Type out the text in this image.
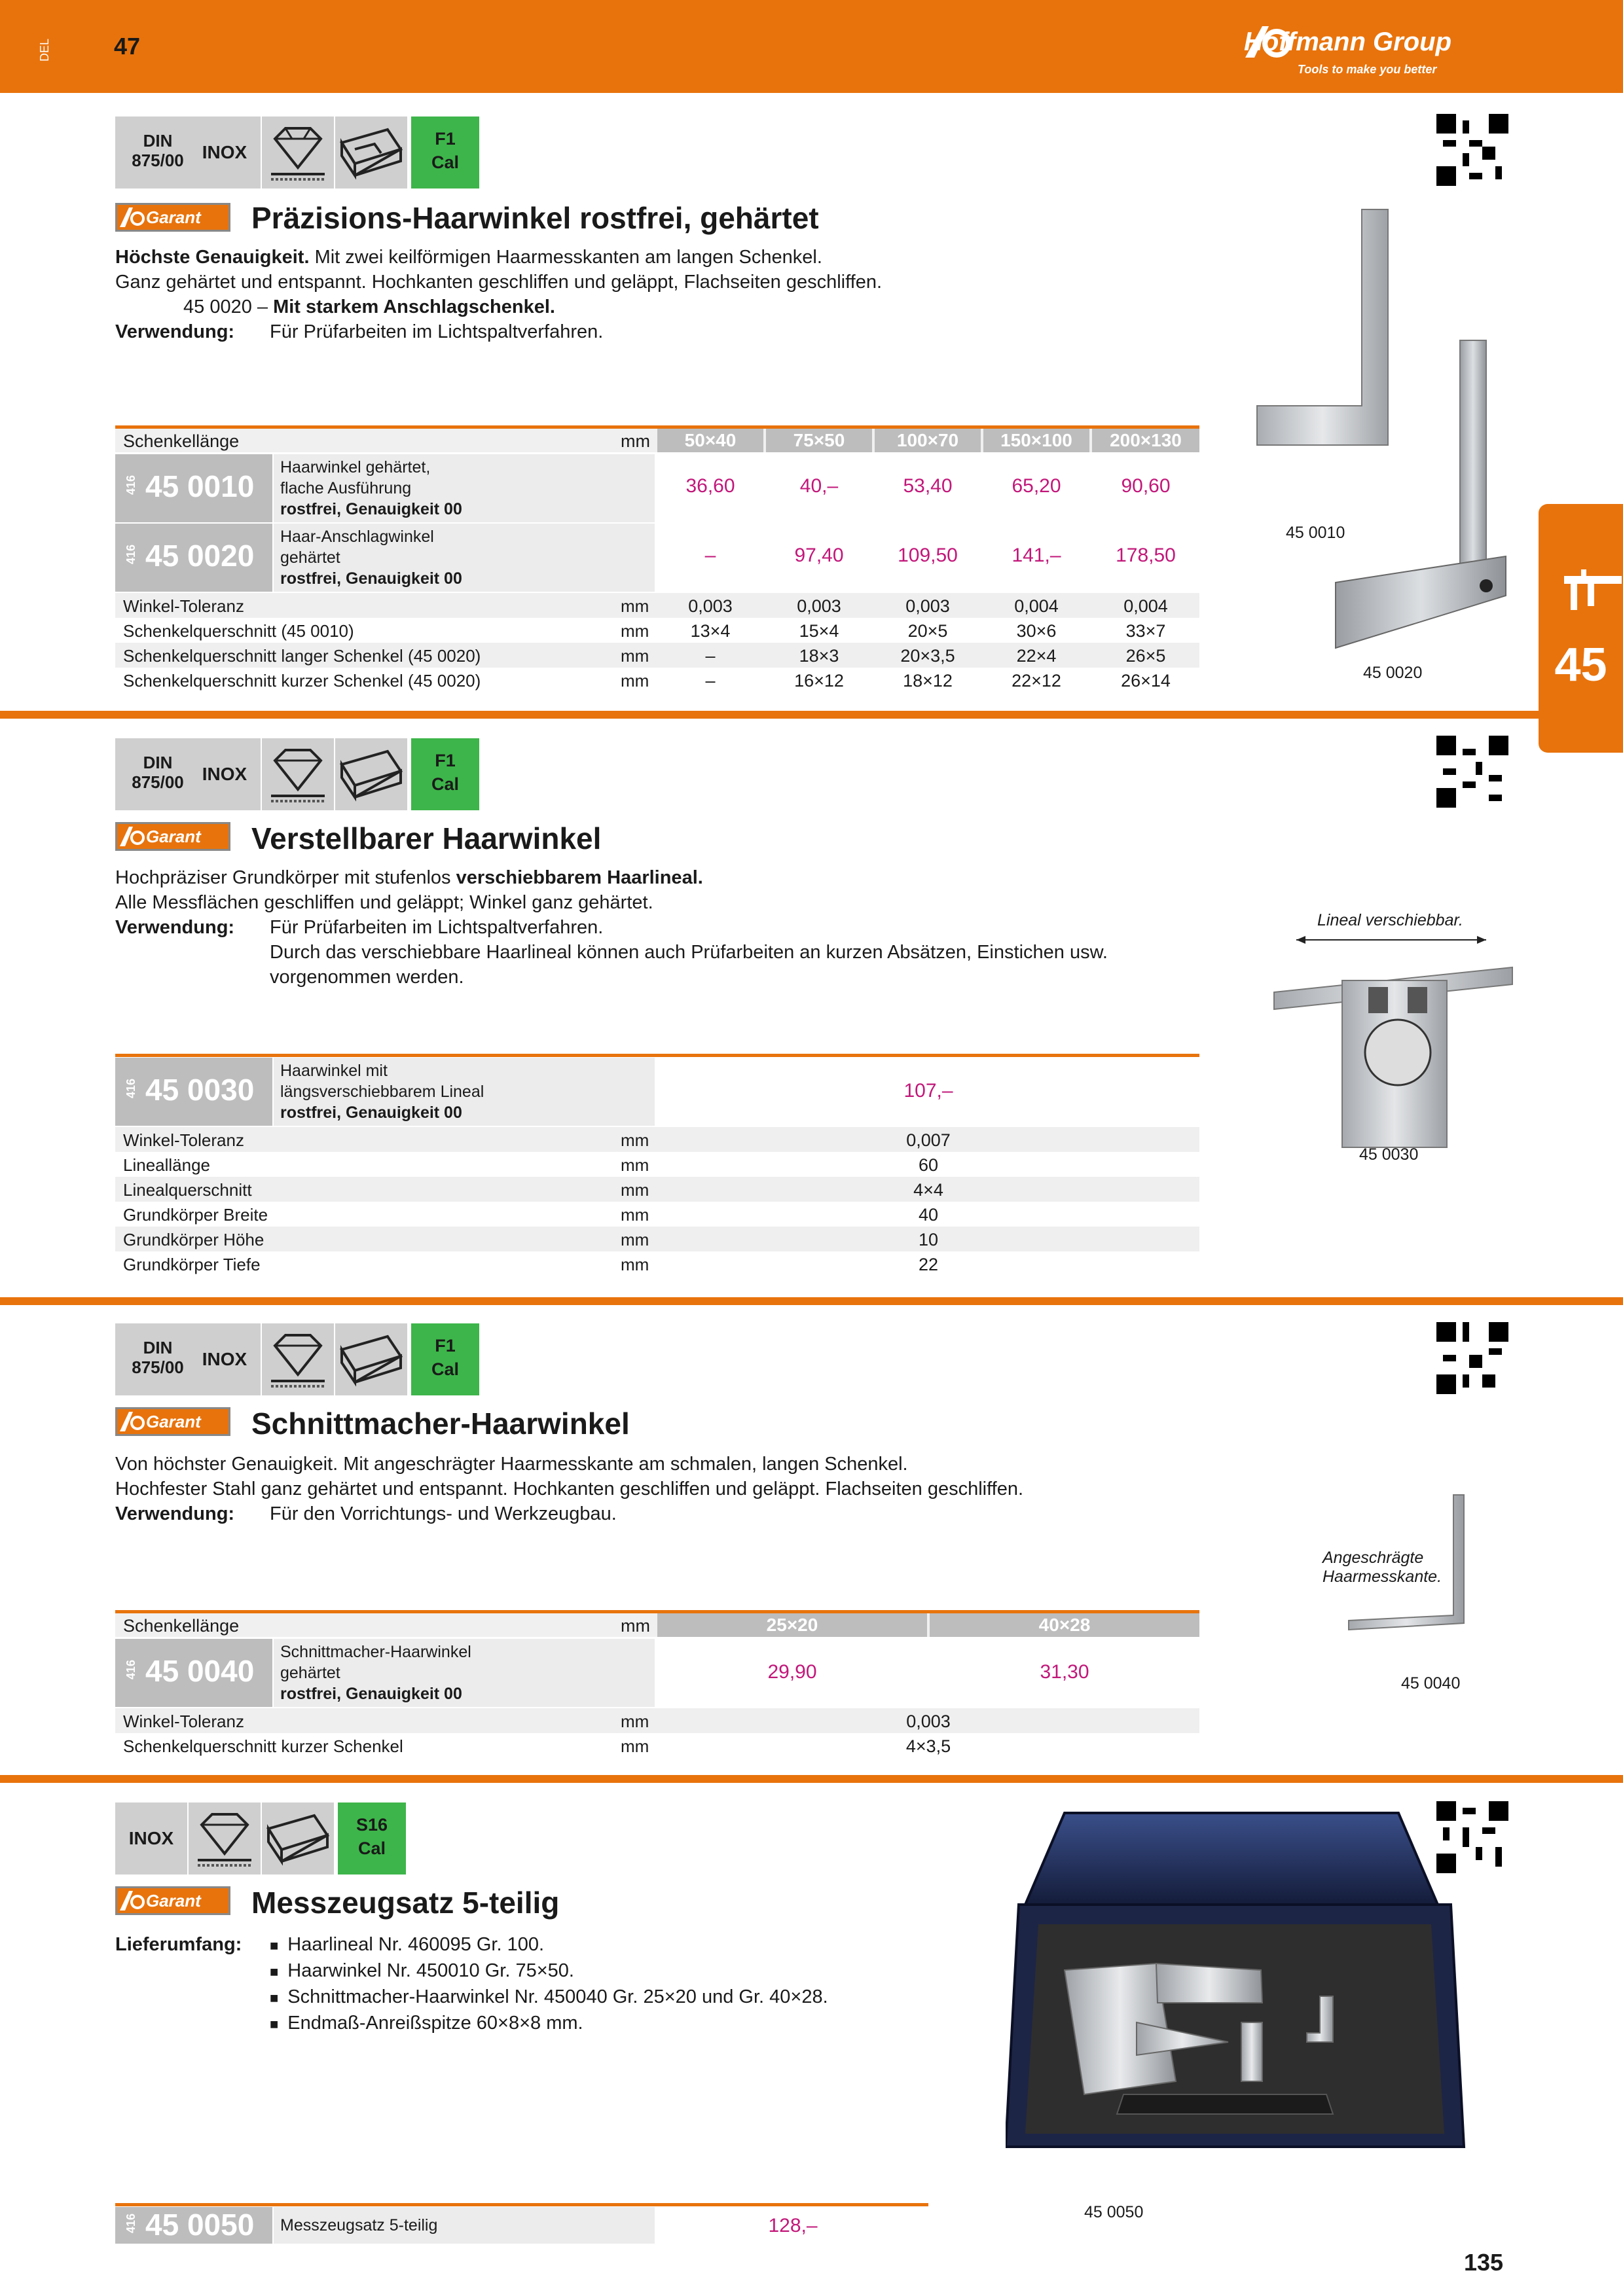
DEL	47	Hoffmann Group
Tools to make you better
45
DIN 875/00	INOX
F1
Cal
Garant Präzisions-Haarwinkel rostfrei, gehärtet
Höchste Genauigkeit. Mit zwei keilförmigen Haarmesskanten am langen Schenkel.
Ganz gehärtet und entspannt. Hochkanten geschliffen und geläppt, Flachseiten geschliffen.
45 0020 – Mit starkem Anschlagschenkel.
Verwendung: Für Prüfarbeiten im Lichtspaltverfahren.
Schenkellänge	mm	50×40	75×50	100×70	150×100	200×130
416 45 0010
Haarwinkel gehärtet,
flache Ausführung
rostfrei, Genauigkeit 00
36,60	40,–	53,40	65,20	90,60
416 45 0020
Haar-Anschlagwinkel
gehärtet
rostfrei, Genauigkeit 00
–	97,40	109,50	141,–	178,50
Winkel-Toleranz	mm	0,003	0,003	0,003	0,004	0,004
Schenkelquerschnitt (45 0010)	mm	13×4	15×4	20×5	30×6	33×7
Schenkelquerschnitt langer Schenkel (45 0020)	mm	–	18×3	20×3,5	22×4	26×5
Schenkelquerschnitt kurzer Schenkel (45 0020)	mm	–	16×12	18×12	22×12	26×14
45 0010
45 0020
DIN 875/00	INOX
F1
Cal
Garant Verstellbarer Haarwinkel
Hochpräziser Grundkörper mit stufenlos verschiebbarem Haarlineal.
Alle Messflächen geschliffen und geläppt; Winkel ganz gehärtet.
Verwendung: Für Prüfarbeiten im Lichtspaltverfahren.
Durch das verschiebbare Haarlineal können auch Prüfarbeiten an kurzen Absätzen, Einstichen usw.
vorgenommen werden.
Lineal verschiebbar.
416 45 0030
Haarwinkel mit
längsverschiebbarem Lineal
rostfrei, Genauigkeit 00
107,–
Winkel-Toleranz	mm	0,007
Lineallänge	mm	60
Linealquerschnitt	mm	4×4
Grundkörper Breite	mm	40
Grundkörper Höhe	mm	10
Grundkörper Tiefe	mm	22
45 0030
DIN 875/00	INOX
F1
Cal
Garant Schnittmacher-Haarwinkel
Von höchster Genauigkeit. Mit angeschrägter Haarmesskante am schmalen, langen Schenkel.
Hochfester Stahl ganz gehärtet und entspannt. Hochkanten geschliffen und geläppt. Flachseiten geschliffen.
Verwendung: Für den Vorrichtungs- und Werkzeugbau.
Angeschrägte
Haarmesskante.
Schenkellänge	mm	25×20	40×28
416 45 0040
Schnittmacher-Haarwinkel
gehärtet
rostfrei, Genauigkeit 00
29,90	31,30
Winkel-Toleranz	mm	0,003
Schenkelquerschnitt kurzer Schenkel	mm	4×3,5
45 0040
INOX
S16
Cal
Garant Messzeugsatz 5-teilig
Lieferumfang:
■	Haarlineal Nr. 460095 Gr. 100.
■ Haarwinkel Nr. 450010 Gr. 75×50.
■ Schnittmacher-Haarwinkel Nr. 450040 Gr. 25×20 und Gr. 40×28.
■ Endmaß-Anreißspitze 60×8×8 mm.
416 45 0050	Messzeugsatz 5-teilig	128,–
45 0050
135
